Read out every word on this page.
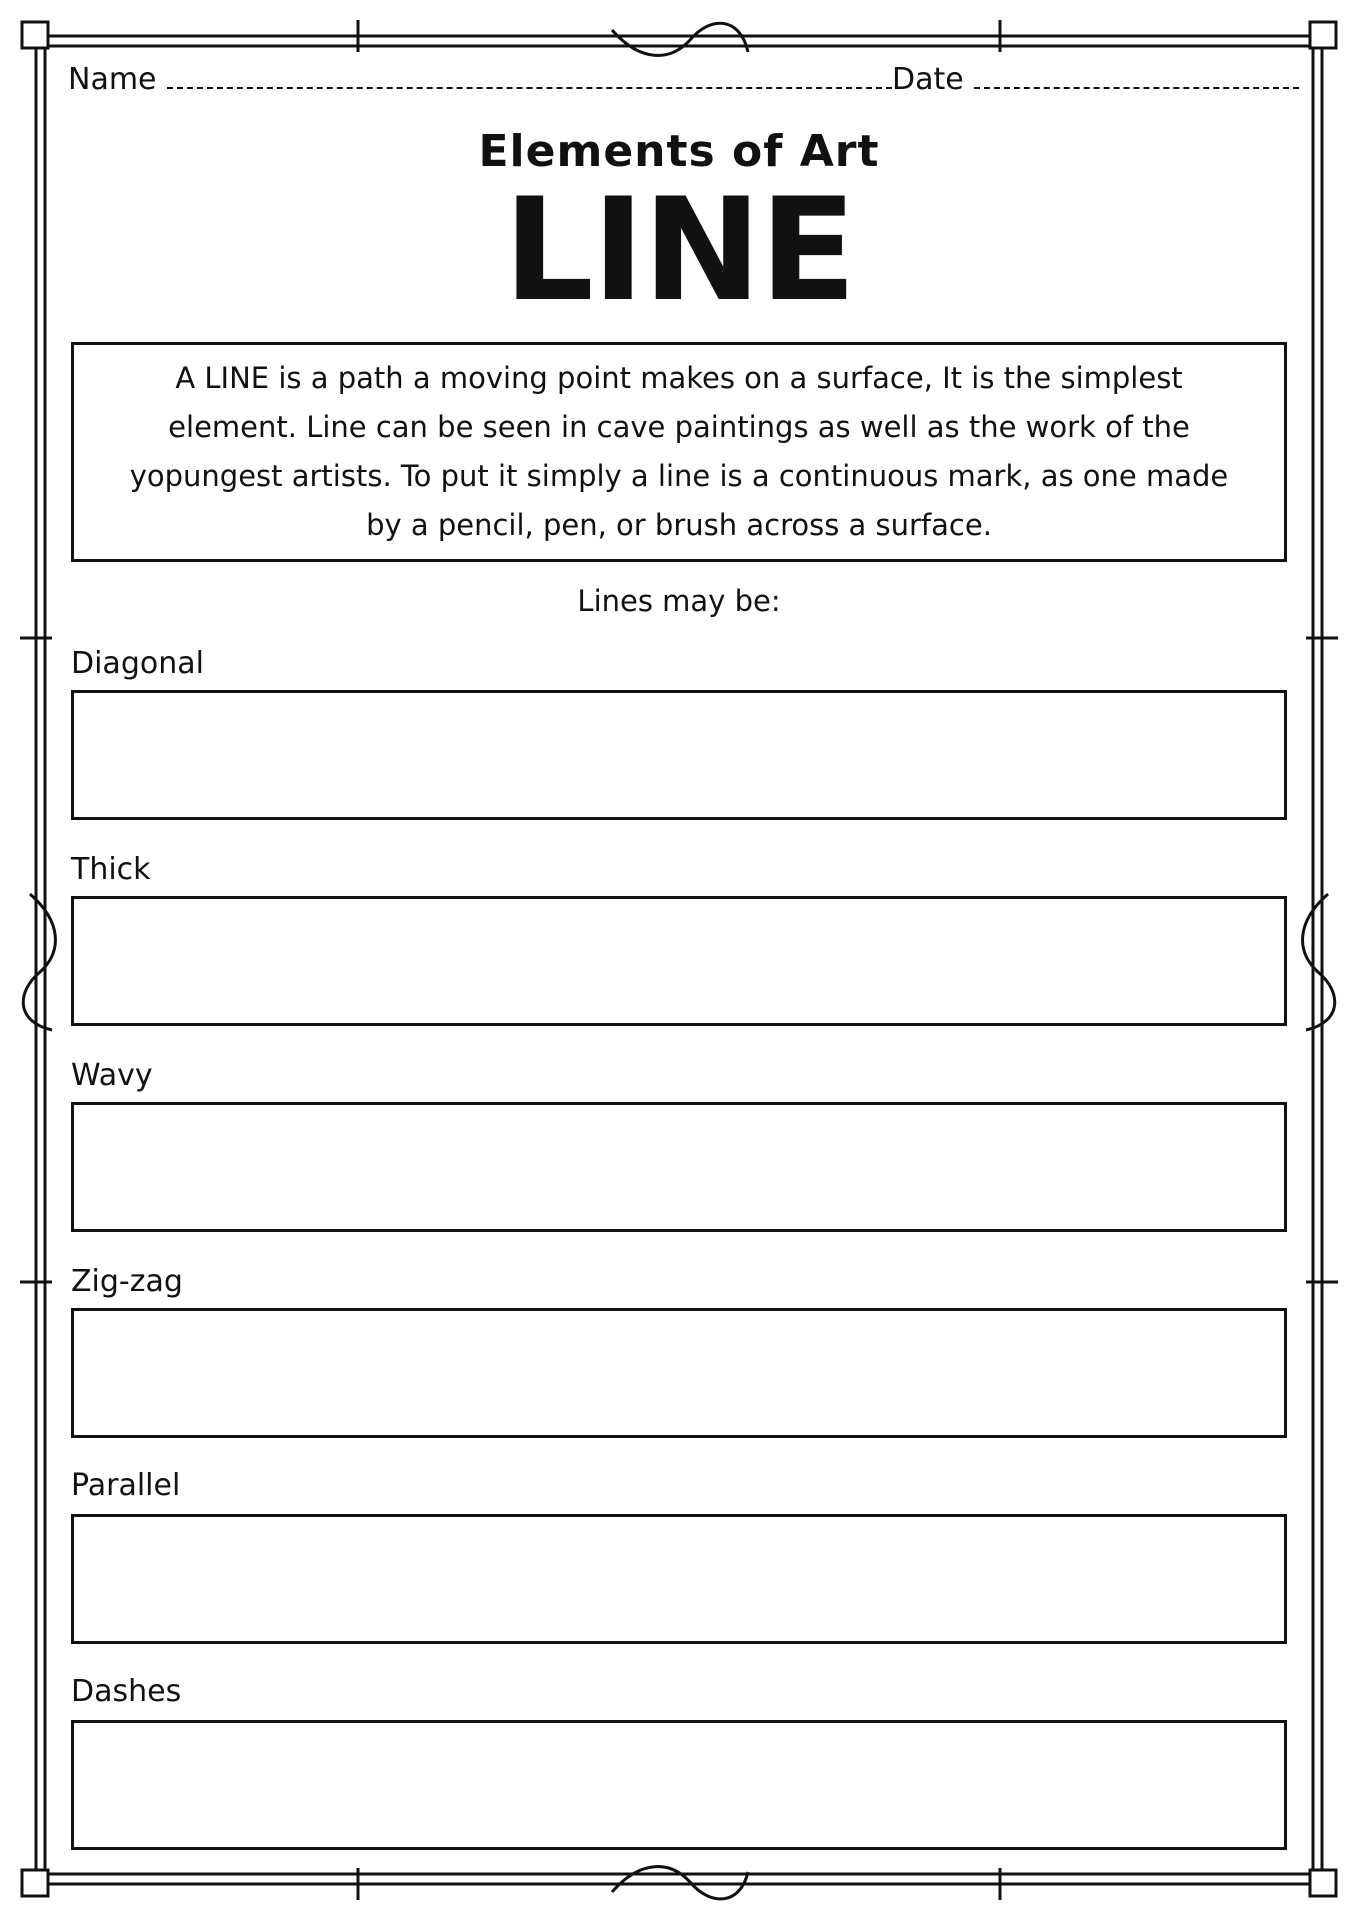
Name	Date
Elements of Art
LINE
A LINE is a path a moving point makes on a surface, It is the simplest element. Line can be seen in cave paintings as well as the work of the yopungest artists. To put it simply a line is a continuous mark, as one made by a pencil, pen, or brush across a surface.
Lines may be:
Diagonal
Thick
Wavy
Zig-zag
Parallel
Dashes
